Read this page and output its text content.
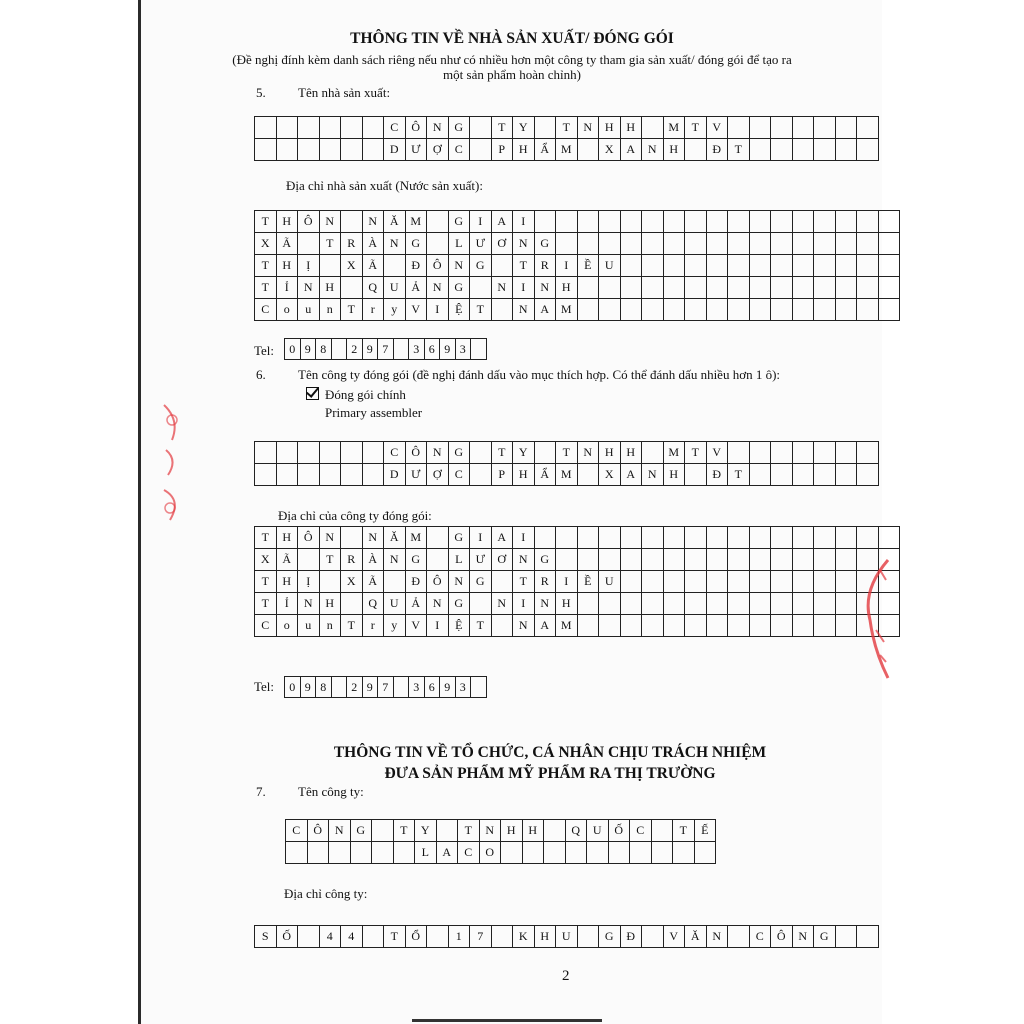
THÔNG TIN VỀ NHÀ SẢN XUẤT/ ĐÓNG GÓI
(Đề nghị đính kèm danh sách riêng nếu như có nhiều hơn một công ty tham gia sản xuất/ đóng gói để tạo ra
một sản phẩm hoàn chỉnh)
5. Tên nhà sản xuất:
						C	Ô	N	G		T	Y		T	N	H	H		M	T	V							
						D	Ư	Ợ	C		P	H	Ẩ	M		X	A	N	H		Đ	T						
Địa chỉ nhà sản xuất (Nước sản xuất):
T	H	Ô	N		N	Ă	M		G	I	A	I																	
X	Ã		T	R	À	N	G		L	Ư	Ơ	N	G																
T	H	Ị		X	Ã		Đ	Ô	N	G		T	R	I	Ề	U													
T	Ỉ	N	H		Q	U	Ả	N	G		N	I	N	H															
C	o	u	n	T	r	y	V	I	Ệ	T		N	A	M															
Tel: 0	9	8		2	9	7		3	6	9	3	
6. Tên công ty đóng gói (đề nghị đánh dấu vào mục thích hợp. Có thể đánh dấu nhiều hơn 1 ô):
Đóng gói chính
Primary assembler
						C	Ô	N	G		T	Y		T	N	H	H		M	T	V							
						D	Ư	Ợ	C		P	H	Ẩ	M		X	A	N	H		Đ	T						
Địa chỉ của công ty đóng gói:
T	H	Ô	N		N	Ă	M		G	I	A	I																	
X	Ã		T	R	À	N	G		L	Ư	Ơ	N	G																
T	H	Ị		X	Ã		Đ	Ô	N	G		T	R	I	Ề	U													
T	Ỉ	N	H		Q	U	Ả	N	G		N	I	N	H															
C	o	u	n	T	r	y	V	I	Ệ	T		N	A	M															
Tel: 0	9	8		2	9	7		3	6	9	3	
THÔNG TIN VỀ TỔ CHỨC, CÁ NHÂN CHỊU TRÁCH NHIỆM
ĐƯA SẢN PHẨM MỸ PHẨM RA THỊ TRƯỜNG
7. Tên công ty:
C	Ô	N	G		T	Y		T	N	H	H		Q	U	Ố	C		T	Ế
						L	A	C	O										
Địa chỉ công ty:
S	Ố		4	4		T	Ổ		1	7		K	H	U		G	Đ		V	Ă	N		C	Ô	N	G		
2
